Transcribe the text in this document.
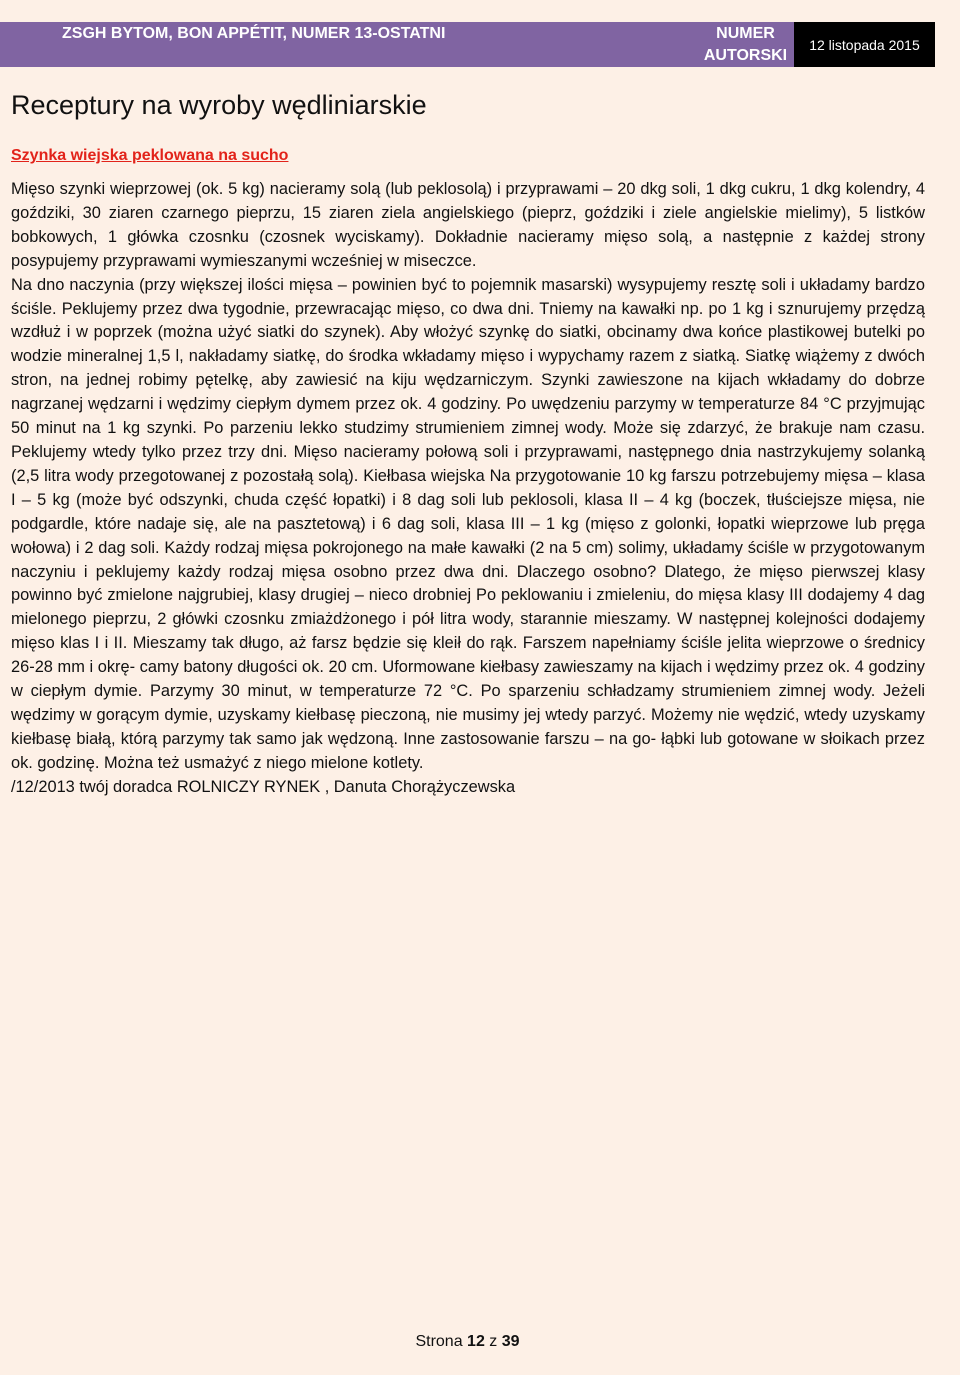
ZSGH BYTOM, BON APPÉTIT, NUMER 13-OSTATNI	NUMER AUTORSKI
12 listopada 2015
Receptury na wyroby wędliniarskie
Szynka wiejska peklowana na sucho

Mięso szynki wieprzowej (ok. 5 kg) nacieramy solą (lub peklosolą) i przyprawami – 20 dkg soli, 1 dkg cukru, 1 dkg kolendry, 4 goździki, 30 ziaren czarnego pieprzu, 15 ziaren ziela angielskiego (pieprz, goździki i ziele angielskie mielimy), 5 listków bobkowych, 1 główka czosnku (czosnek wyciskamy). Dokładnie nacieramy mięso solą, a następnie z każdej strony posypujemy przyprawami wymieszanymi wcześniej w miseczce.

Na dno naczynia (przy większej ilości mięsa – powinien być to pojemnik masarski) wysypujemy resztę soli i układamy bardzo ściśle. Peklujemy przez dwa tygodnie, przewracając mięso, co dwa dni. Tniemy na kawałki np. po 1 kg i sznurujemy przędzą wzdłuż i w poprzek (można użyć siatki do szynek). Aby włożyć szynkę do siatki, obcinamy dwa końce plastikowej butelki po wodzie mineralnej 1,5 l, nakładamy siatkę, do środka wkładamy mięso i wypychamy razem z siatką. Siatkę wiążemy z dwóch stron, na jednej robimy pętelkę, aby zawiesić na kiju wędzarniczym. Szynki zawieszone na kijach wkładamy do dobrze nagrzanej wędzarni i wędzimy ciepłym dymem przez ok. 4 godziny. Po uwędzeniu parzymy w temperaturze 84 °C przyjmując 50 minut na 1 kg szynki. Po parzeniu lekko studzimy strumieniem zimnej wody. Może się zdarzyć, że brakuje nam czasu. Peklujemy wtedy tylko przez trzy dni. Mięso nacieramy połową soli i przyprawami, następnego dnia nastrzykujemy solanką (2,5 litra wody przegotowanej z pozostałą solą). Kiełbasa wiejska Na przygotowanie 10 kg farszu potrzebujemy mięsa – klasa I – 5 kg (może być odszynki, chuda część łopatki) i 8 dag soli lub peklosoli, klasa II – 4 kg (boczek, tłuściejsze mięsa, nie podgardle, które nadaje się, ale na pasztetową) i 6 dag soli, klasa III – 1 kg (mięso z golonki, łopatki wieprzowe lub pręga wołowa) i 2 dag soli. Każdy rodzaj mięsa pokrojonego na małe kawałki (2 na 5 cm) solimy, układamy ściśle w przygotowanym naczyniu i peklujemy każdy rodzaj mięsa osobno przez dwa dni. Dlaczego osobno? Dlatego, że mięso pierwszej klasy powinno być zmielone najgrubiej, klasy drugiej – nieco drobniej Po peklowaniu i zmieleniu, do mięsa klasy III dodajemy 4 dag mielonego pieprzu, 2 główki czosnku zmiażdżonego i pół litra wody, starannie mieszamy. W następnej kolejności dodajemy mięso klas I i II. Mieszamy tak długo, aż farsz będzie się kleił do rąk. Farszem napełniamy ściśle jelita wieprzowe o średnicy 26-28 mm i okrę- camy batony długości ok. 20 cm. Uformowane kiełbasy zawieszamy na kijach i wędzimy przez ok. 4 godziny w ciepłym dymie. Parzymy 30 minut, w temperaturze 72 °C. Po sparzeniu schładzamy strumieniem zimnej wody. Jeżeli wędzimy w gorącym dymie, uzyskamy kiełbasę pieczoną, nie musimy jej wtedy parzyć. Możemy nie wędzić, wtedy uzyskamy kiełbasę białą, którą parzymy tak samo jak wędzoną. Inne zastosowanie farszu – na go- łąbki lub gotowane w słoikach przez ok. godzinę. Można też usmażyć z niego mielone kotlety.

/12/2013 twój doradca ROLNICZY RYNEK , Danuta Chorążyczewska

Strona 12 z 39
